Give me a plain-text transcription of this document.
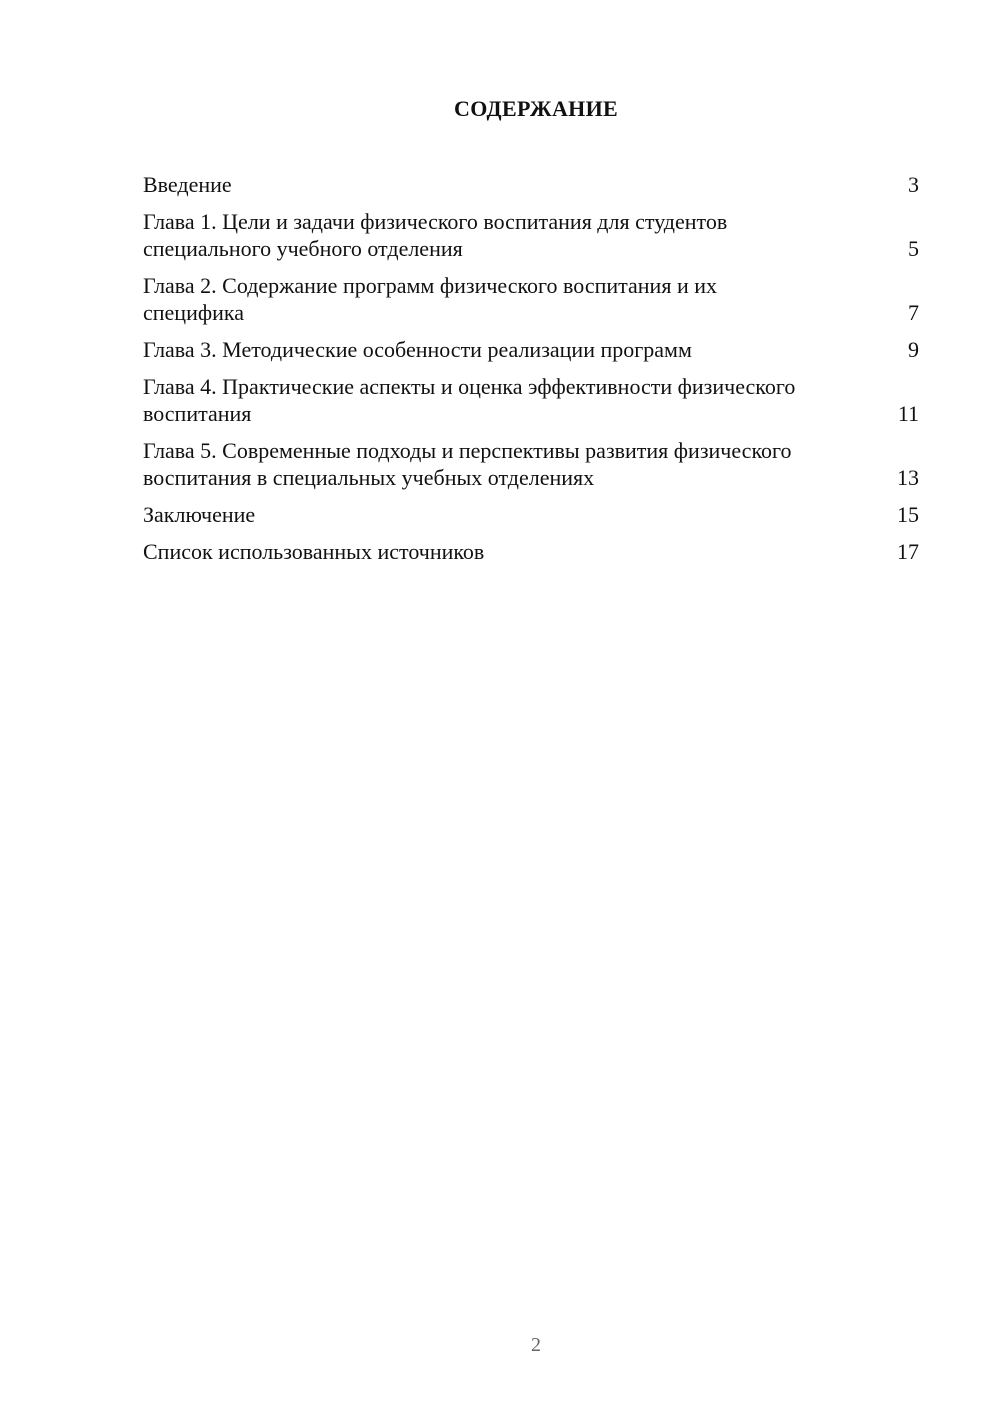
СОДЕРЖАНИЕ
Введение	3
Глава 1. Цели и задачи физического воспитания для студентов специального учебного отделения	5
Глава 2. Содержание программ физического воспитания и их специфика	7
Глава 3. Методические особенности реализации программ	9
Глава 4. Практические аспекты и оценка эффективности физического воспитания	11
Глава 5. Современные подходы и перспективы развития физического воспитания в специальных учебных отделениях	13
Заключение	15
Список использованных источников	17
2
